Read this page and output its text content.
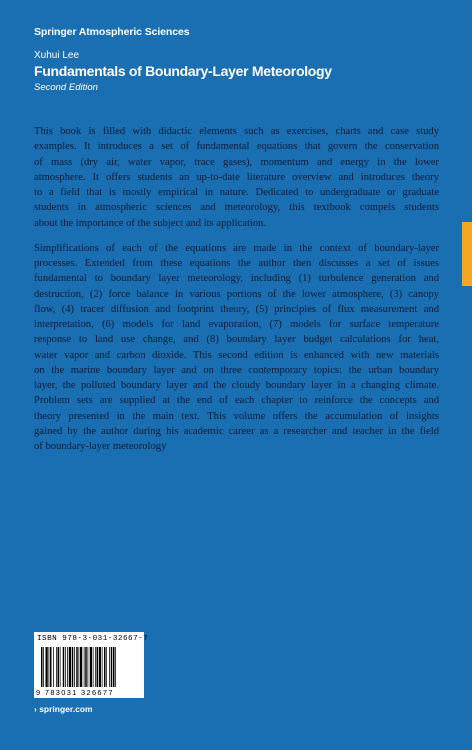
Springer Atmospheric Sciences
Xuhui Lee
Fundamentals of Boundary-Layer Meteorology
Second Edition

This book is filled with didactic elements such as exercises, charts and case study
examples. It introduces a set of fundamental equations that govern the conservation
of mass (dry air, water vapor, trace gases), momentum and energy in the lower
atmosphere. It offers students an up-to-date literature overview and introduces theory
to a field that is mostly empirical in nature. Dedicated to undergraduate or graduate
students in atmospheric sciences and meteorology, this textbook compels students
about the importance of the subject and its application.

Simplifications of each of the equations are made in the context of boundary-layer
processes. Extended from these equations the author then discusses a set of issues
fundamental to boundary layer meteorology, including (1) turbulence generation and
destruction, (2) force balance in various portions of the lower atmosphere, (3) canopy
flow, (4) tracer diffusion and footprint theory, (5) principles of flux measurement and
interpretation, (6) models for land evaporation, (7) models for surface temperature
response to land use change, and (8) boundary layer budget calculations for heat,
water vapor and carbon dioxide. This second edition is enhanced with new materials
on the marine boundary layer and on three contemporary topics: the urban boundary
layer, the polluted boundary layer and the cloudy boundary layer in a changing climate.
Problem sets are supplied at the end of each chapter to reinforce the concepts and
theory presented in the main text. This volume offers the accumulation of insights
gained by the author during his academic career as a researcher and teacher in the field
of boundary-layer meteorology

ISBN 978-3-031-32667-7
9 783031 326677
› springer.com
